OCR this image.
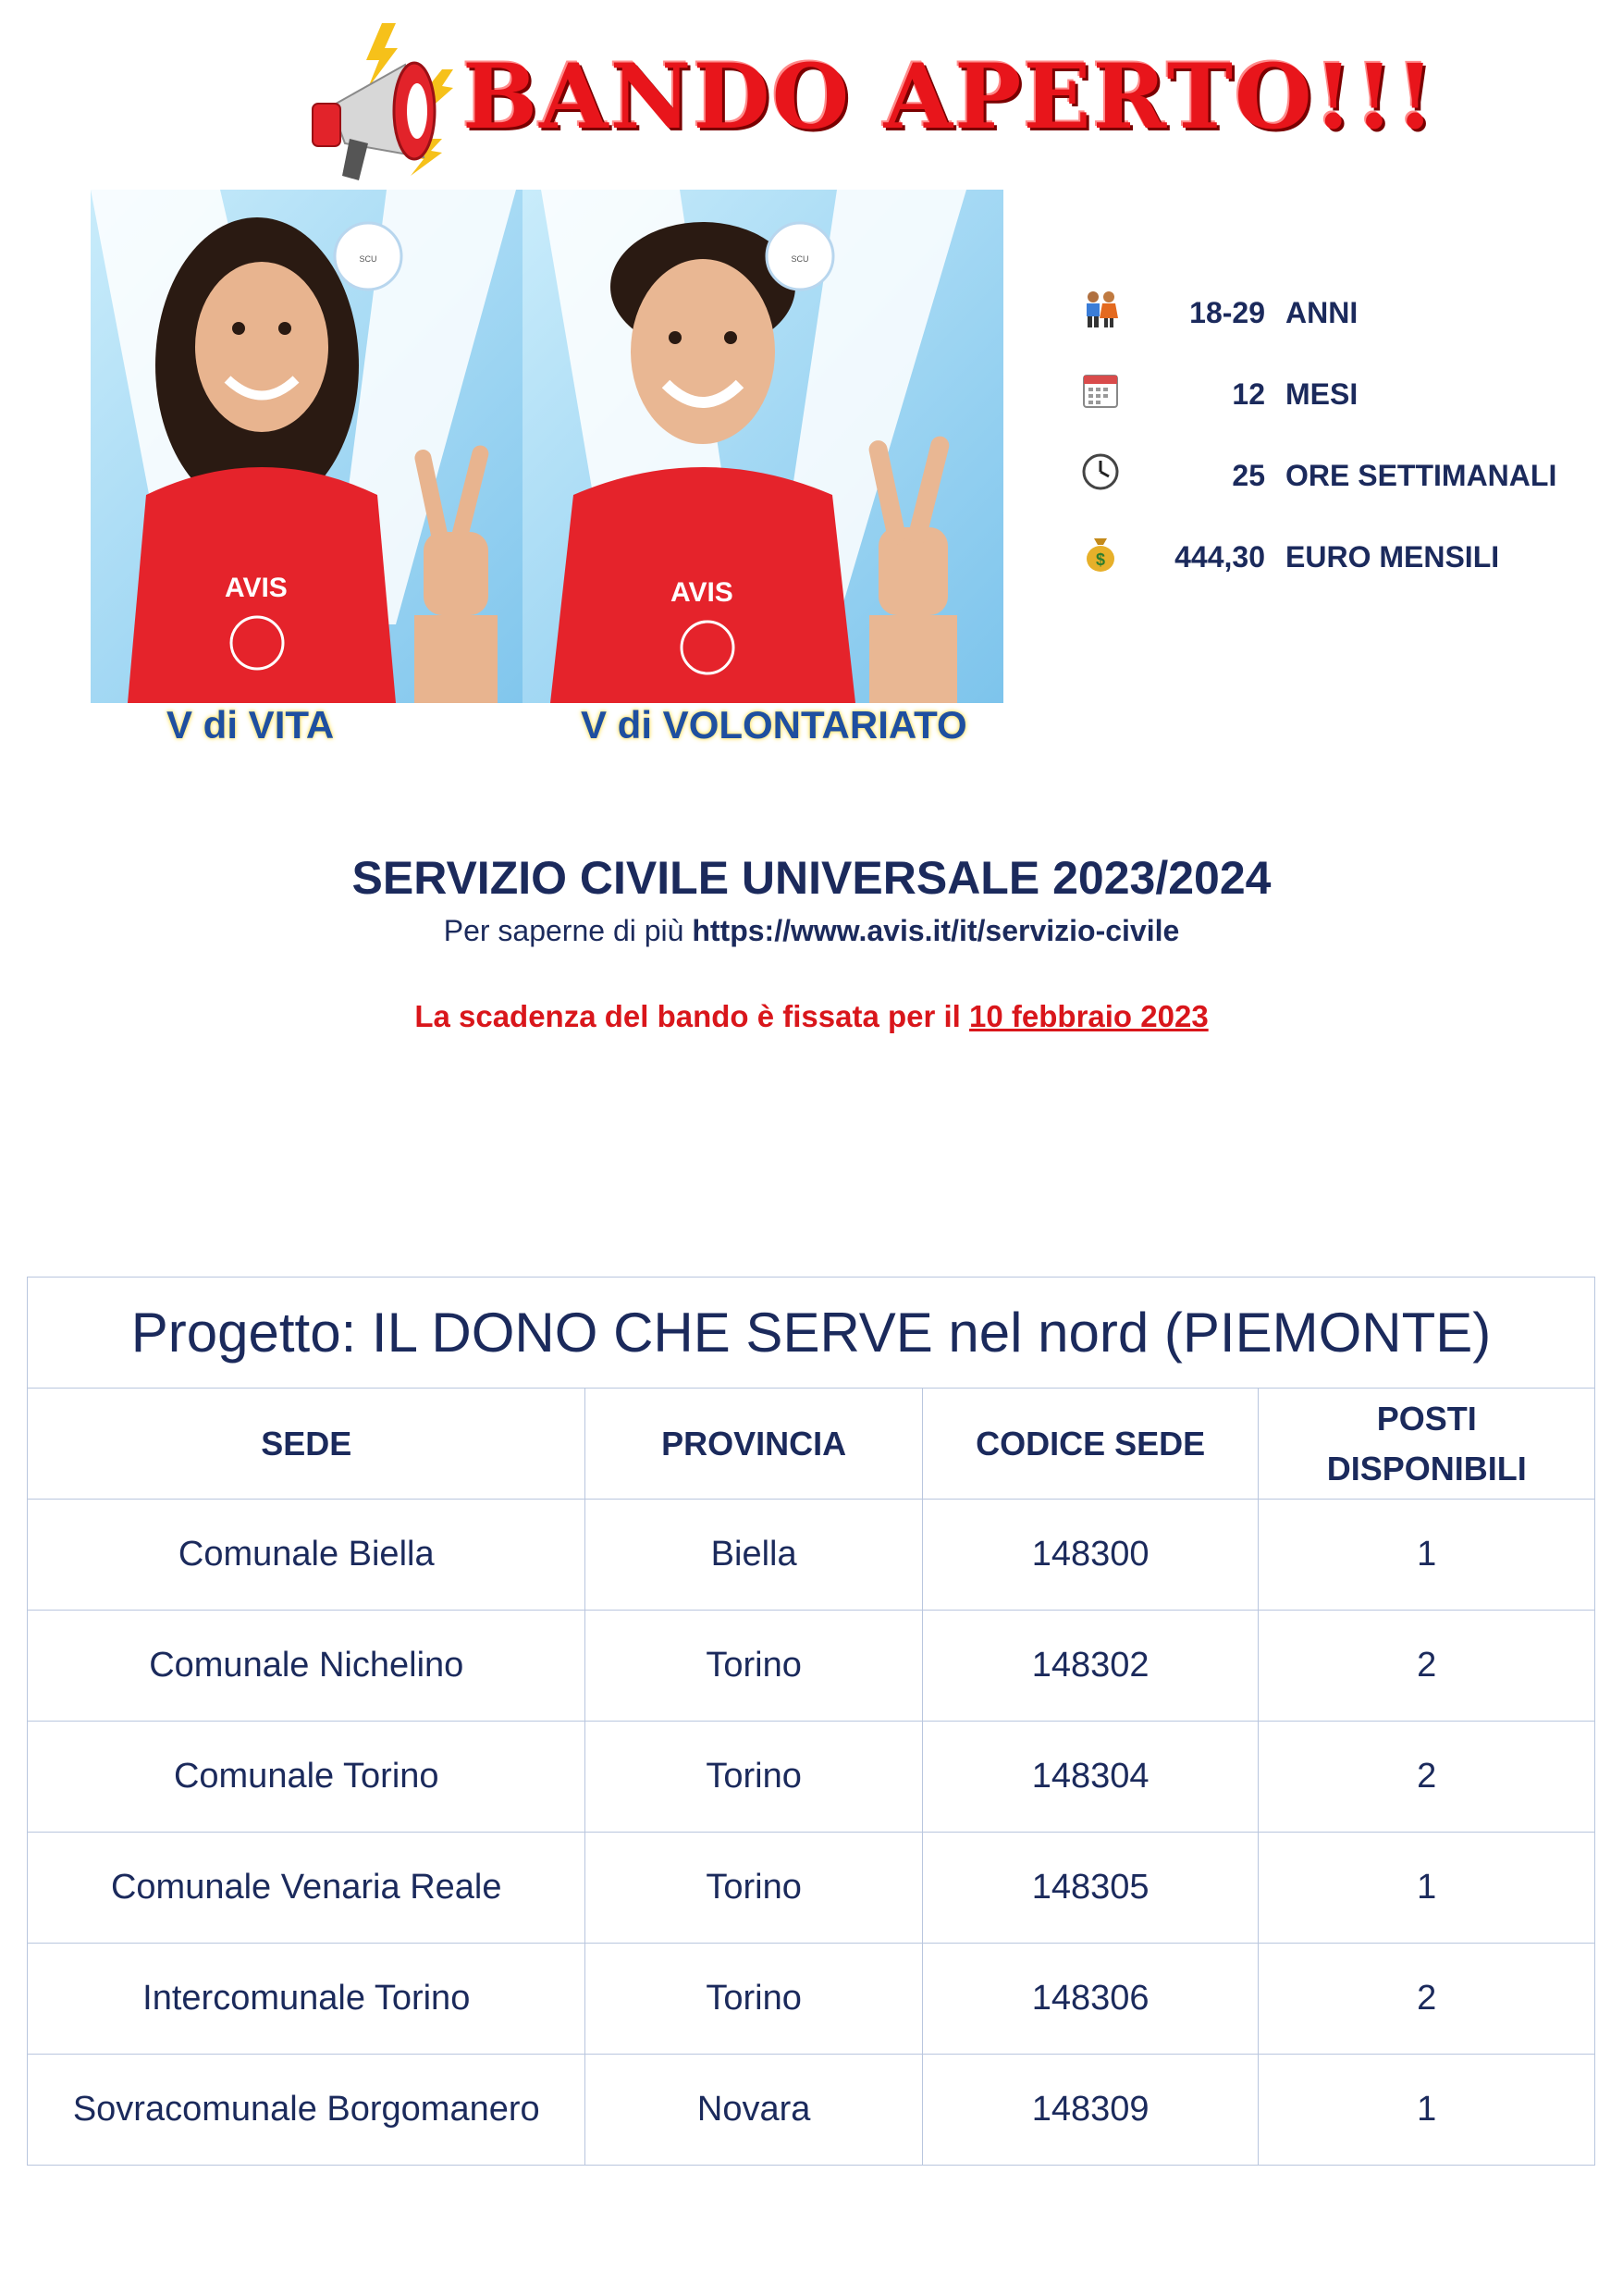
BANDO APERTO!!!
AVIS
SCU
AVIS
SCU
V di VITA	V di VOLONTARIATO
18-29 ANNI
12 MESI
25 ORE SETTIMANALI
$	444,30 EURO MENSILI
SERVIZIO CIVILE UNIVERSALE 2023/2024
Per saperne di più https://www.avis.it/it/servizio-civile
La scadenza del bando è fissata per il 10 febbraio 2023
Progetto: IL DONO CHE SERVE nel nord (PIEMONTE)			
SEDE	PROVINCIA	CODICE SEDE	POSTI
DISPONIBILI
Comunale Biella	Biella	148300	1
Comunale Nichelino	Torino	148302	2
Comunale Torino	Torino	148304	2
Comunale Venaria Reale	Torino	148305	1
Intercomunale Torino	Torino	148306	2
Sovracomunale Borgomanero	Novara	148309	1
